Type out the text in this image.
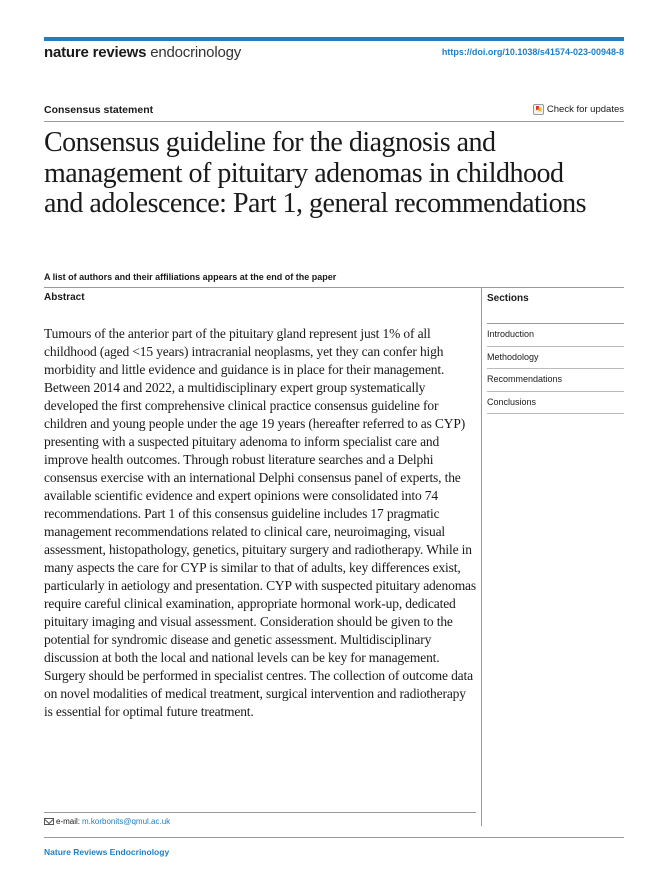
nature reviews endocrinology	https://doi.org/10.1038/s41574-023-00948-8
Consensus statement	Check for updates
Consensus guideline for the diagnosis and management of pituitary adenomas in childhood and adolescence: Part 1, general recommendations
A list of authors and their affiliations appears at the end of the paper
Abstract	Sections

Tumours of the anterior part of the pituitary gland represent just 1% of all childhood (aged <15 years) intracranial neoplasms, yet they can confer high morbidity and little evidence and guidance is in place for their management. Between 2014 and 2022, a multidisciplinary expert group systematically developed the first comprehensive clinical practice consensus guideline for children and young people under the age 19 years (hereafter referred to as CYP) presenting with a suspected pituitary adenoma to inform specialist care and improve health outcomes. Through robust literature searches and a Delphi consensus exercise with an international Delphi consensus panel of experts, the available scientific evidence and expert opinions were consolidated into 74 recommendations. Part 1 of this consensus guideline includes 17 pragmatic management recommendations related to clinical care, neuroimaging, visual assessment, histopathology, genetics, pituitary surgery and radiotherapy. While in many aspects the care for CYP is similar to that of adults, key differences exist, particularly in aetiology and presentation. CYP with suspected pituitary adenomas require careful clinical examination, appropriate hormonal work-up, dedicated pituitary imaging and visual assessment. Consideration should be given to the potential for syndromic disease and genetic assessment. Multidisciplinary discussion at both the local and national levels can be key for management. Surgery should be performed in specialist centres. The collection of outcome data on novel modalities of medical treatment, surgical intervention and radiotherapy is essential for optimal future treatment.

Introduction
Methodology
Recommendations
Conclusions
e-mail: m.korbonits@qmul.ac.uk
Nature Reviews Endocrinology
